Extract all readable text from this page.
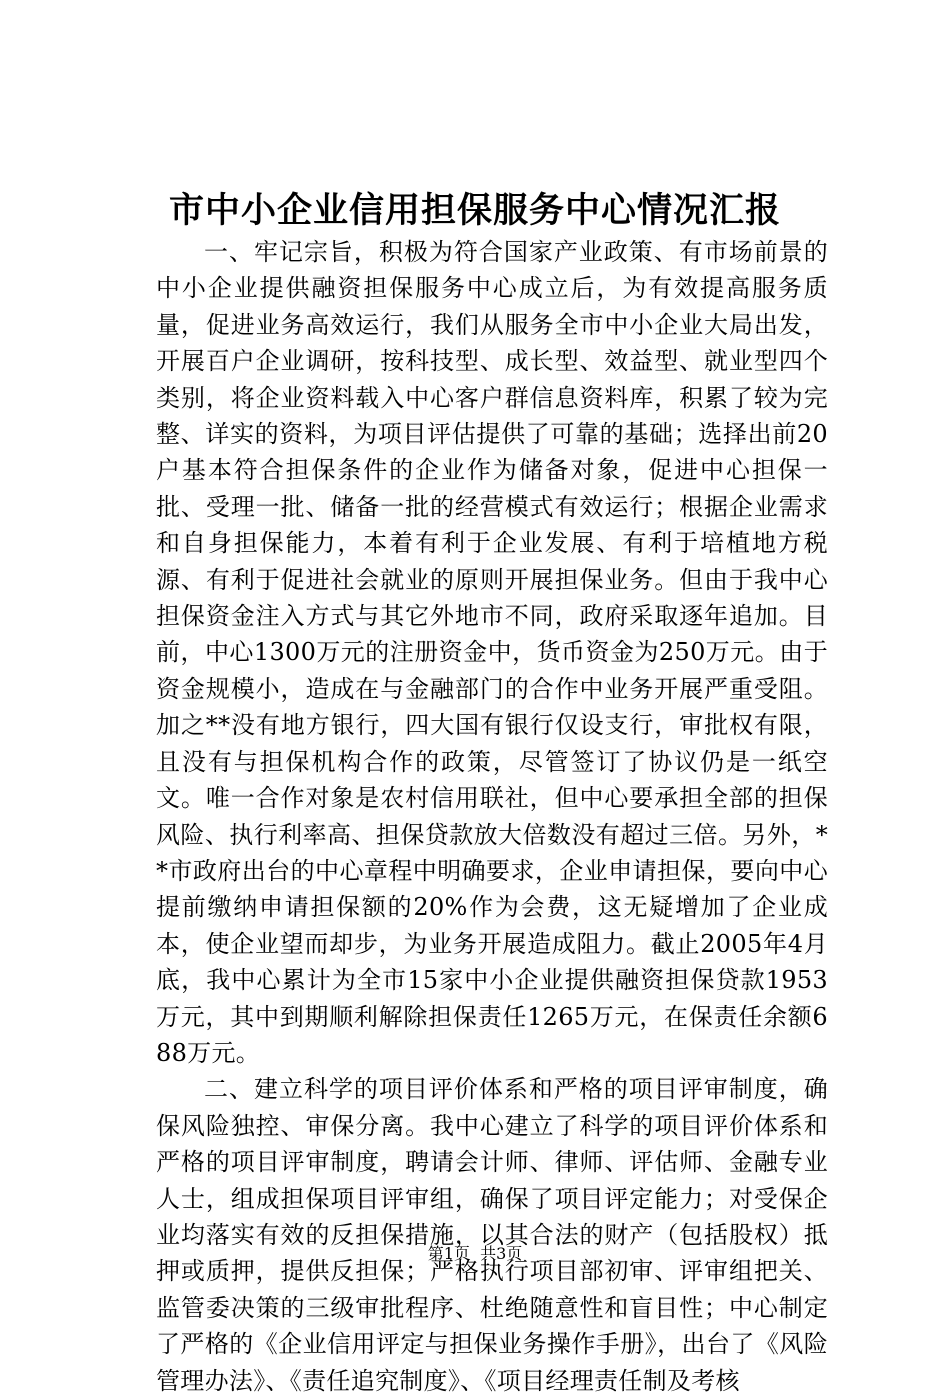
市中小企业信用担保服务中心情况汇报

一、牢记宗旨，积极为符合国家产业政策、有市场前景的中小企业提供融资担保服务中心成立后，为有效提高服务质量，促进业务高效运行，我们从服务全市中小企业大局出发，开展百户企业调研，按科技型、成长型、效益型、就业型四个类别，将企业资料载入中心客户群信息资料库，积累了较为完整、详实的资料，为项目评估提供了可靠的基础；选择出前20户基本符合担保条件的企业作为储备对象，促进中心担保一批、受理一批、储备一批的经营模式有效运行；根据企业需求和自身担保能力，本着有利于企业发展、有利于培植地方税源、有利于促进社会就业的原则开展担保业务。但由于我中心担保资金注入方式与其它外地市不同，政府采取逐年追加。目前，中心1300万元的注册资金中，货币资金为250万元。由于资金规模小，造成在与金融部门的合作中业务开展严重受阻。加之**没有地方银行，四大国有银行仅设支行，审批权有限，且没有与担保机构合作的政策，尽管签订了协议仍是一纸空文。唯一合作对象是农村信用联社，但中心要承担全部的担保风险、执行利率高、担保贷款放大倍数没有超过三倍。另外，**市政府出台的中心章程中明确要求，企业申请担保，要向中心提前缴纳申请担保额的20%作为会费，这无疑增加了企业成本，使企业望而却步，为业务开展造成阻力。截止2005年4月底，我中心累计为全市15家中小企业提供融资担保贷款1953万元，其中到期顺利解除担保责任1265万元，在保责任余额688万元。

二、建立科学的项目评价体系和严格的项目评审制度，确保风险独控、审保分离。我中心建立了科学的项目评价体系和严格的项目评审制度，聘请会计师、律师、评估师、金融专业人士，组成担保项目评审组，确保了项目评定能力；对受保企业均落实有效的反担保措施，以其合法的财产（包括股权）抵押或质押，提供反担保；严格执行项目部初审、评审组把关、监管委决策的三级审批程序、杜绝随意性和盲目性；中心制定了严格的《企业信用评定与担保业务操作手册》，出台了《风险管理办法》、《责任追究制度》、《项目经理责任制及考核

第1页 共3页
